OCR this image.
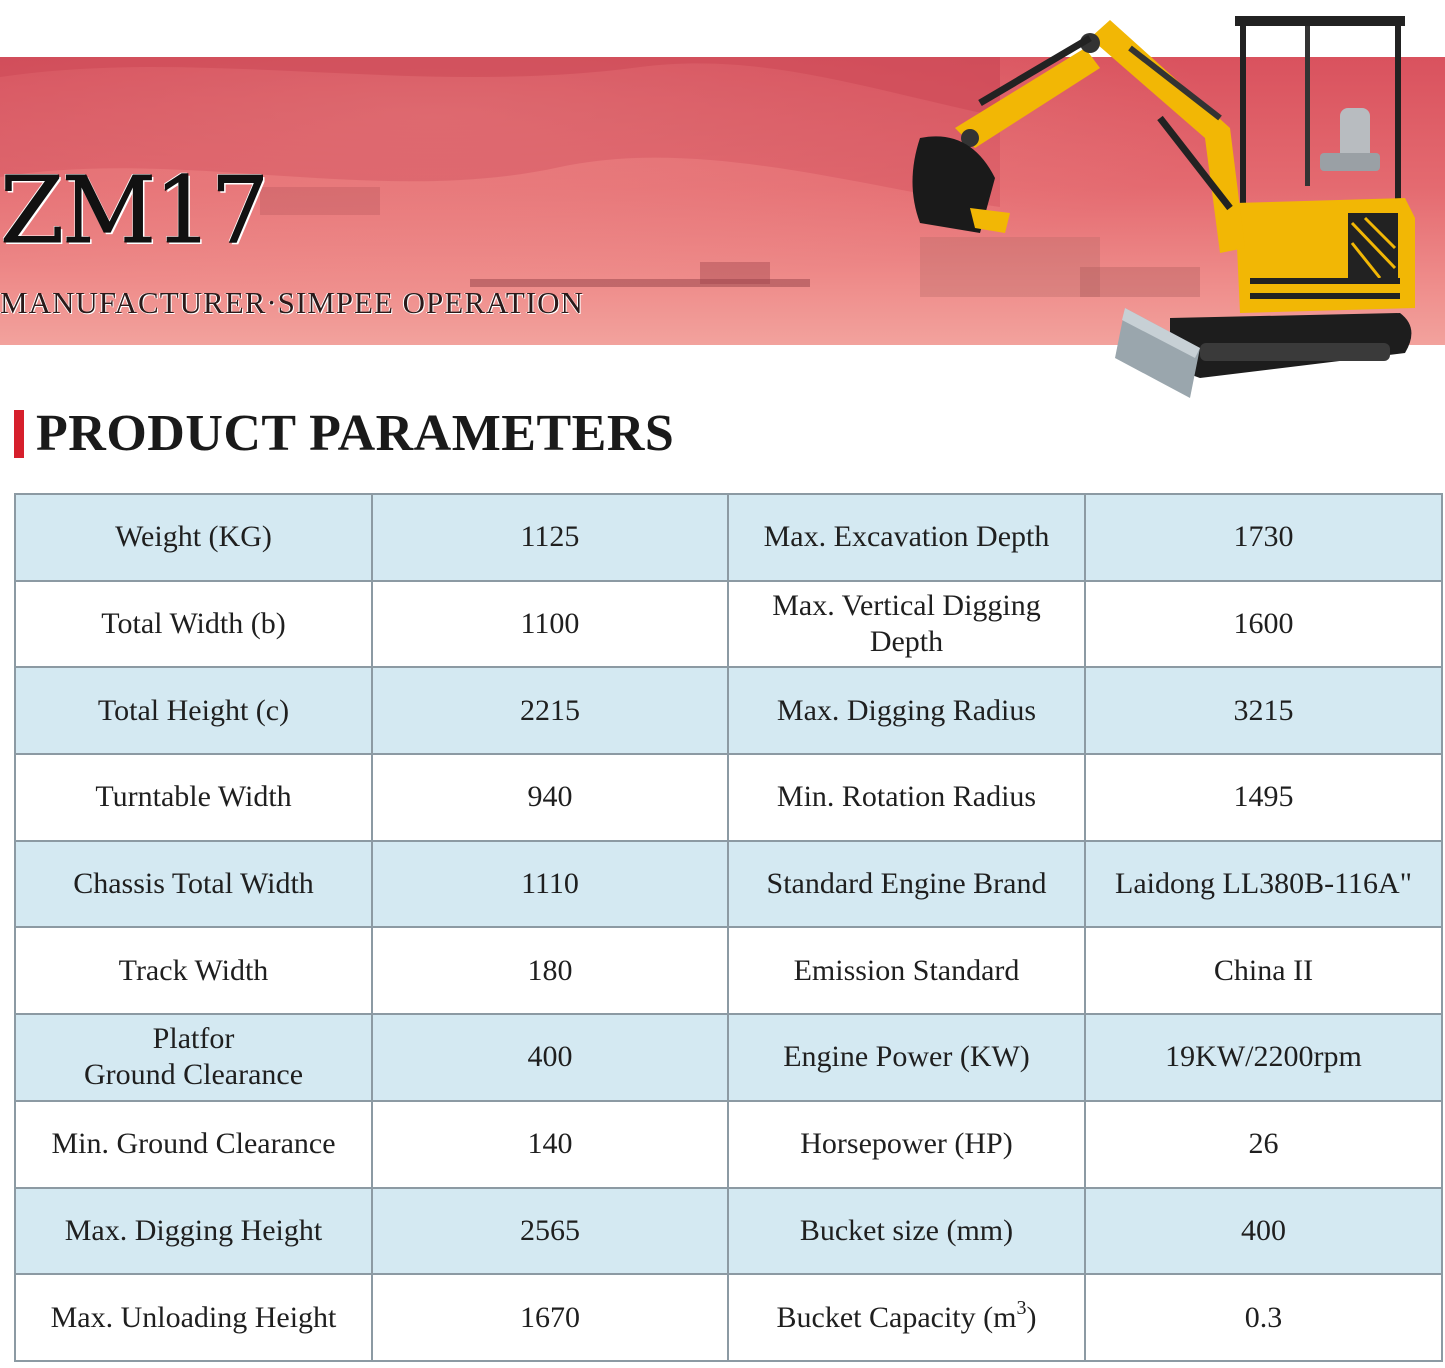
ZM17
MANUFACTURER·SIMPEE OPERATION
PRODUCT PARAMETERS
Weight (KG)	1125	Max. Excavation Depth	1730
Total Width (b)	1100	Max. Vertical Digging Depth	1600
Total Height (c)	2215	Max. Digging Radius	3215
Turntable Width	940	Min. Rotation Radius	1495
Chassis Total Width	1110	Standard Engine Brand	Laidong LL380B-116A"
Track Width	180	Emission Standard	China II

Platfor
Ground Clearance	400	Engine Power (KW)	19KW/2200rpm
Min. Ground Clearance	140	Horsepower (HP)	26
Max. Digging Height	2565	Bucket size (mm)	400
Max. Unloading Height	1670	Bucket Capacity $(m^3)$	0.3
